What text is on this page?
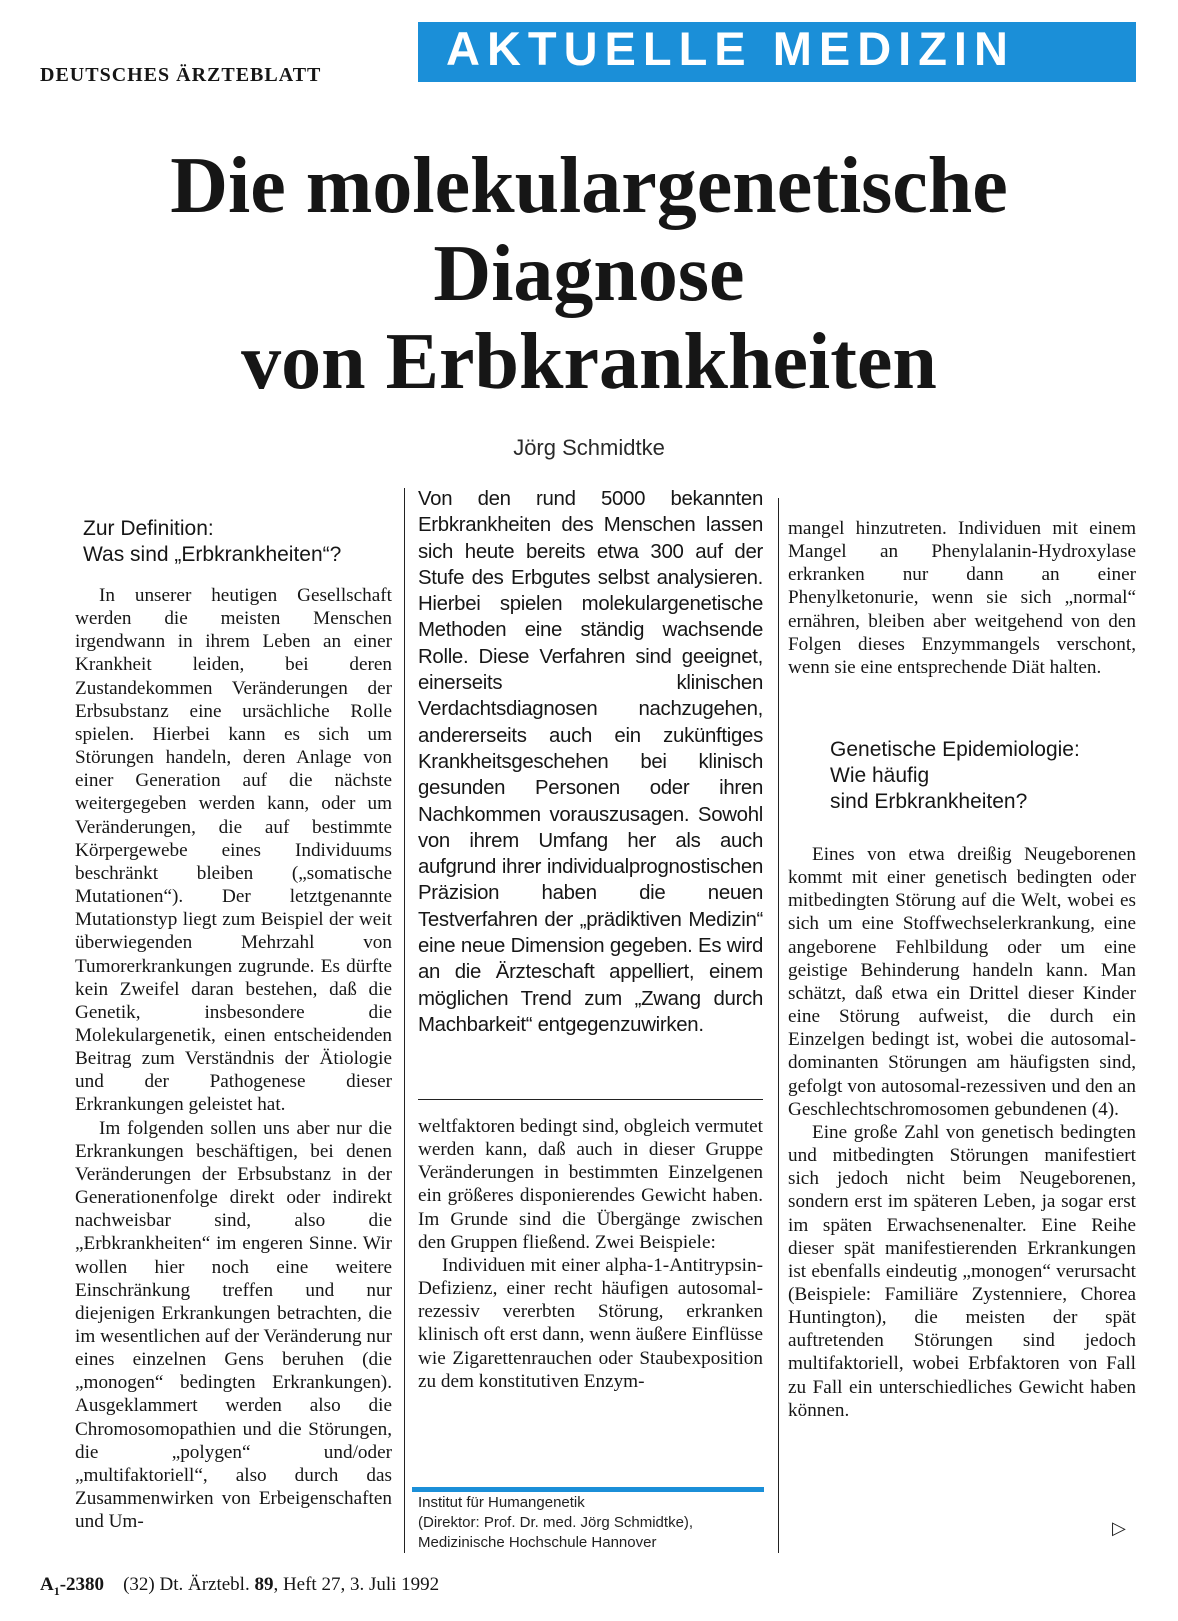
DEUTSCHES ÄRZTEBLATT	AKTUELLE MEDIZIN
Die molekulargenetische
Diagnose
von Erbkrankheiten
Jörg Schmidtke
Zur Definition:
Was sind „Erbkrankheiten“?

In unserer heutigen Gesellschaft werden die meisten Menschen irgendwann in ihrem Leben an einer Krankheit leiden, bei deren Zustandekommen Veränderungen der Erbsubstanz eine ursächliche Rolle spielen. Hierbei kann es sich um Störungen handeln, deren Anlage von einer Generation auf die nächste weitergegeben werden kann, oder um Veränderungen, die auf bestimmte Körpergewebe eines Individuums beschränkt bleiben („somatische Mutationen“). Der letztgenannte Mutationstyp liegt zum Beispiel der weit überwiegenden Mehrzahl von Tumorerkrankungen zugrunde. Es dürfte kein Zweifel daran bestehen, daß die Genetik, insbesondere die Molekulargenetik, einen entscheidenden Beitrag zum Verständnis der Ätiologie und der Pathogenese dieser Erkrankungen geleistet hat.

Im folgenden sollen uns aber nur die Erkrankungen beschäftigen, bei denen Veränderungen der Erbsubstanz in der Generationenfolge direkt oder indirekt nachweisbar sind, also die „Erbkrankheiten“ im engeren Sinne. Wir wollen hier noch eine weitere Einschränkung treffen und nur diejenigen Erkrankungen betrachten, die im wesentlichen auf der Veränderung nur eines einzelnen Gens beruhen (die „monogen“ bedingten Erkrankungen). Ausgeklammert werden also die Chromosomopathien und die Störungen, die „polygen“ und/oder „multifaktoriell“, also durch das Zusammenwirken von Erbeigenschaften und Um-

Von den rund 5000 bekannten Erbkrankheiten des Menschen lassen sich heute bereits etwa 300 auf der Stufe des Erbgutes selbst analysieren. Hierbei spielen molekulargenetische Methoden eine ständig wachsende Rolle. Diese Verfahren sind geeignet, einerseits klinischen Verdachtsdiagnosen nachzugehen, andererseits auch ein zukünftiges Krankheitsgeschehen bei klinisch gesunden Personen oder ihren Nachkommen vorauszusagen. Sowohl von ihrem Umfang her als auch aufgrund ihrer individualprognostischen Präzision haben die neuen Testverfahren der „prädiktiven Medizin“ eine neue Dimension gegeben. Es wird an die Ärzteschaft appelliert, einem möglichen Trend zum „Zwang durch Machbarkeit“ entgegenzuwirken.

weltfaktoren bedingt sind, obgleich vermutet werden kann, daß auch in dieser Gruppe Veränderungen in bestimmten Einzelgenen ein größeres disponierendes Gewicht haben. Im Grunde sind die Übergänge zwischen den Gruppen fließend. Zwei Beispiele:

Individuen mit einer alpha-1-Antitrypsin-Defizienz, einer recht häufigen autosomal-rezessiv vererbten Störung, erkranken klinisch oft erst dann, wenn äußere Einflüsse wie Zigarettenrauchen oder Staubexposition zu dem konstitutiven Enzym-

Institut für Humangenetik
(Direktor: Prof. Dr. med. Jörg Schmidtke),
Medizinische Hochschule Hannover

mangel hinzutreten. Individuen mit einem Mangel an Phenylalanin-Hydroxylase erkranken nur dann an einer Phenylketonurie, wenn sie sich „normal“ ernähren, bleiben aber weitgehend von den Folgen dieses Enzymmangels verschont, wenn sie eine entsprechende Diät halten.

Genetische Epidemiologie:
Wie häufig
sind Erbkrankheiten?

Eines von etwa dreißig Neugeborenen kommt mit einer genetisch bedingten oder mitbedingten Störung auf die Welt, wobei es sich um eine Stoffwechselerkrankung, eine angeborene Fehlbildung oder um eine geistige Behinderung handeln kann. Man schätzt, daß etwa ein Drittel dieser Kinder eine Störung aufweist, die durch ein Einzelgen bedingt ist, wobei die autosomal-dominanten Störungen am häufigsten sind, gefolgt von autosomal-rezessiven und den an Geschlechtschromosomen gebundenen (4).

Eine große Zahl von genetisch bedingten und mitbedingten Störungen manifestiert sich jedoch nicht beim Neugeborenen, sondern erst im späteren Leben, ja sogar erst im späten Erwachsenenalter. Eine Reihe dieser spät manifestierenden Erkrankungen ist ebenfalls eindeutig „monogen“ verursacht (Beispiele: Familiäre Zystenniere, Chorea Huntington), die meisten der spät auftretenden Störungen sind jedoch multifaktoriell, wobei Erbfaktoren von Fall zu Fall ein unterschiedliches Gewicht haben können.

▷
$A_1-2380$ (32) Dt. Ärztebl. 89, Heft 27, 3. Juli 1992
